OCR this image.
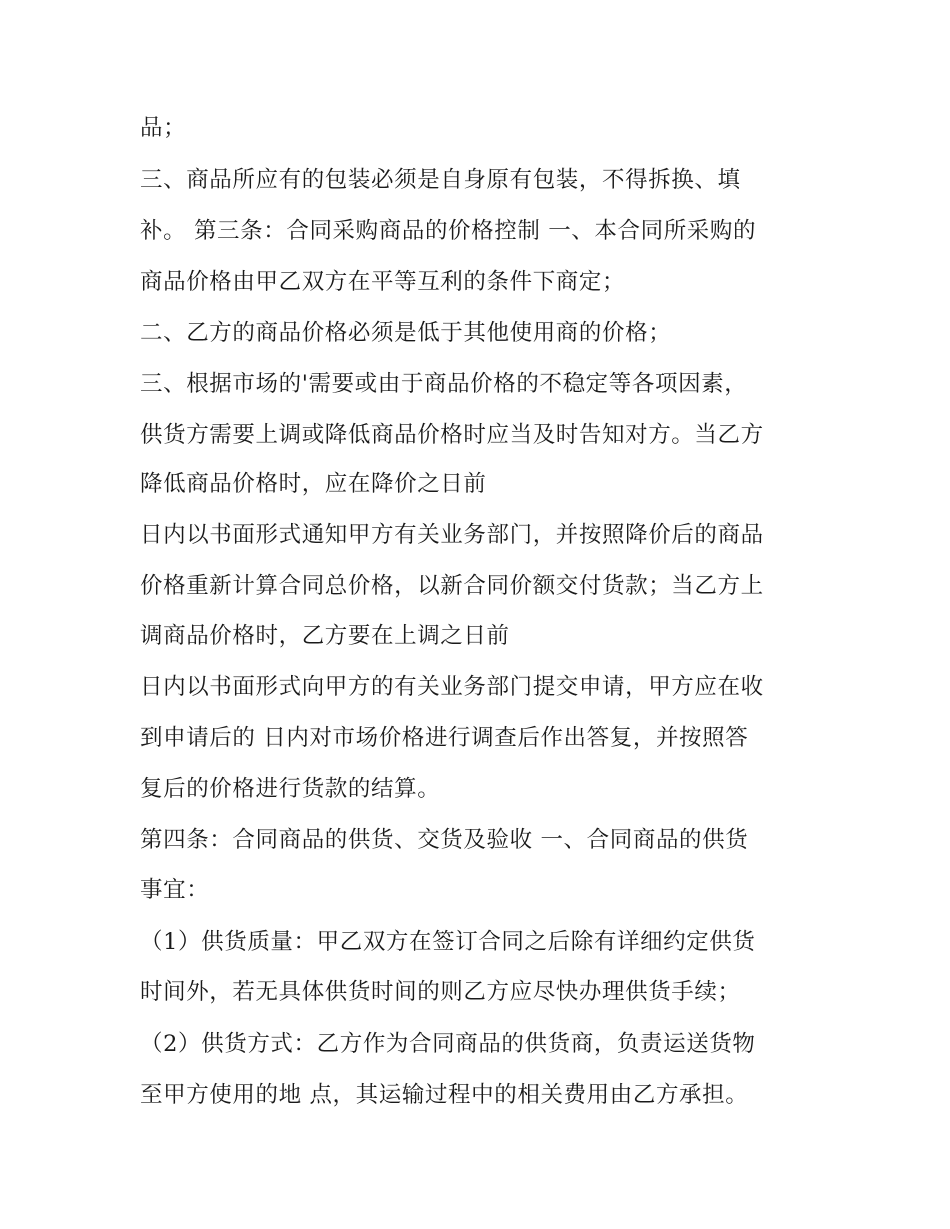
品；

三、商品所应有的包装必须是自身原有包装，不得拆换、填

补。 第三条：合同采购商品的价格控制 一、本合同所采购的

商品价格由甲乙双方在平等互利的条件下商定；

二、乙方的商品价格必须是低于其他使用商的价格；

三、根据市场的'需要或由于商品价格的不稳定等各项因素，

供货方需要上调或降低商品价格时应当及时告知对方。当乙方

降低商品价格时，应在降价之日前

日内以书面形式通知甲方有关业务部门，并按照降价后的商品

价格重新计算合同总价格，以新合同价额交付货款；当乙方上

调商品价格时，乙方要在上调之日前

日内以书面形式向甲方的有关业务部门提交申请，甲方应在收

到申请后的 日内对市场价格进行调查后作出答复，并按照答

复后的价格进行货款的结算。

第四条：合同商品的供货、交货及验收 一、合同商品的供货

事宜：

（1）供货质量：甲乙双方在签订合同之后除有详细约定供货

时间外，若无具体供货时间的则乙方应尽快办理供货手续；

（2）供货方式：乙方作为合同商品的供货商，负责运送货物

至甲方使用的地 点，其运输过程中的相关费用由乙方承担。
